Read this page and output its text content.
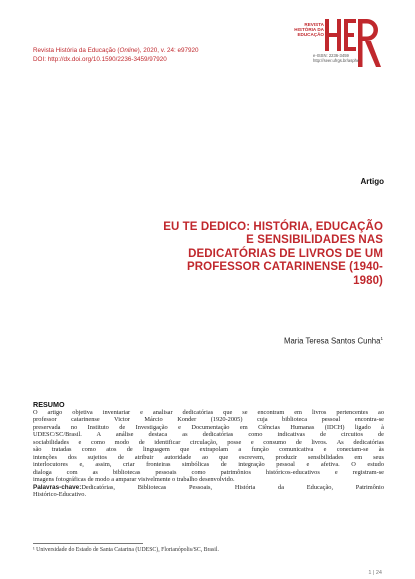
Revista História da Educação (Online), 2020, v. 24: e97920
DOI: http://dx.doi.org/10.1590/2236-3459/97920
REVISTA
HISTÓRIA DA
EDUCAÇÃO
e-ISSN: 2236-3459
http://seer.ufrgs.br/asphe
Artigo
EU TE DEDICO: HISTÓRIA, EDUCAÇÃO
E SENSIBILIDADES NAS
DEDICATÓRIAS DE LIVROS DE UM
PROFESSOR CATARINENSE (1940-
1980)
Maria Teresa Santos Cunha$^1$
RESUMO
O artigo objetiva inventariar e analisar dedicatórias que se encontram em livros pertencentes ao
professor catarinense Victor Márcio Konder (1920-2005) cuja biblioteca pessoal encontra-se
preservada no Instituto de Investigação e Documentação em Ciências Humanas (IDCH) ligado à
UDESC/SC/Brasil. A análise destaca as dedicatórias como indicativas de circuitos de
sociabilidades e como modo de identificar circulação, posse e consumo de livros. As dedicatórias
são tratadas como atos de linguagem que extrapolam a função comunicativa e conectam-se às
intenções dos sujeitos de atribuir autoridade ao que escrevem, produzir sensibilidades em seus
interlocutores e, assim, criar fronteiras simbólicas de integração pessoal e afetiva. O estudo
dialoga com as bibliotecas pessoais como patrimônios históricos-educativos e registram-se
imagens fotográficas de modo a amparar visivelmente o trabalho desenvolvido.
Palavras-chave:Dedicatórias, Bibliotecas Pessoais, História da Educação, Patrimônio
Histórico-Educativo.
¹ Universidade do Estado de Santa Catarina (UDESC), Florianópolis/SC, Brasil.
1 | 24
